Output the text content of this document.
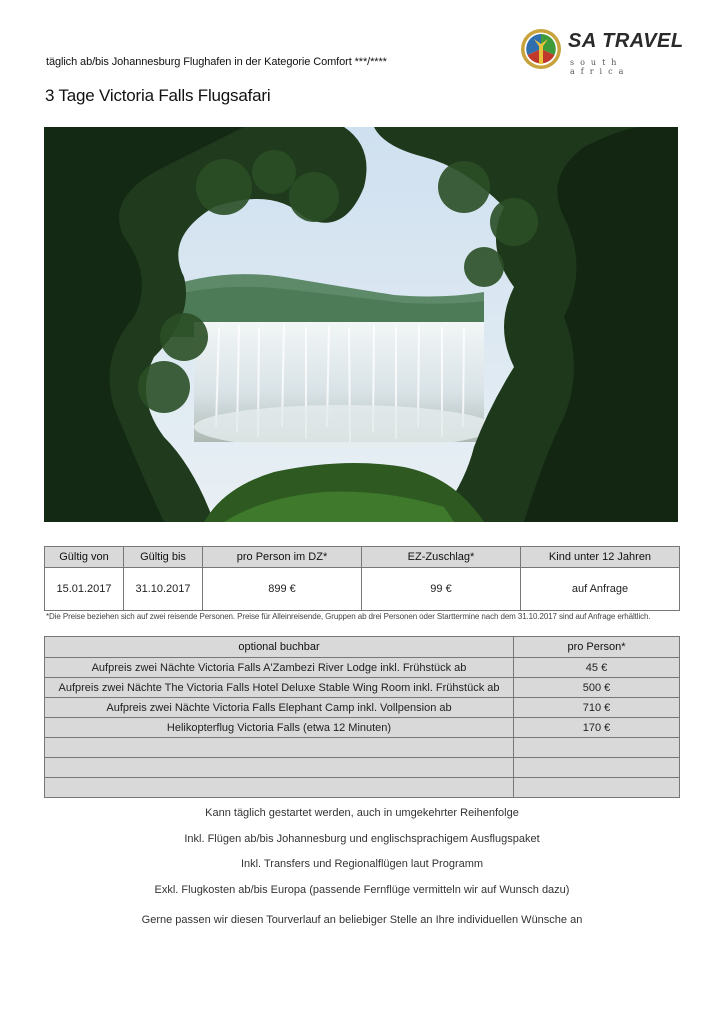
täglich ab/bis Johannesburg Flughafen in der Kategorie Comfort ***/****
3 Tage Victoria Falls Flugsafari
SA TRAVEL
south africa
Gültig von	Gültig bis	pro Person im DZ*	EZ-Zuschlag*	Kind unter 12 Jahren
15.01.2017	31.10.2017	899 €	99 €	auf Anfrage
*Die Preise beziehen sich auf zwei reisende Personen. Preise für Alleinreisende, Gruppen ab drei Personen oder Starttermine nach dem 31.10.2017 sind auf Anfrage erhältlich.
optional buchbar	pro Person*
Aufpreis zwei Nächte Victoria Falls A'Zambezi River Lodge inkl. Frühstück ab	45 €
Aufpreis zwei Nächte The Victoria Falls Hotel Deluxe Stable Wing Room inkl. Frühstück ab	500 €
Aufpreis zwei Nächte Victoria Falls Elephant Camp inkl. Vollpension ab	710 €
Helikopterflug Victoria Falls (etwa 12 Minuten)	170 €

Kann täglich gestartet werden, auch in umgekehrter Reihenfolge

Inkl. Flügen ab/bis Johannesburg und englischsprachigem Ausflugspaket

Inkl. Transfers und Regionalflügen laut Programm

Exkl. Flugkosten ab/bis Europa (passende Fernflüge vermitteln wir auf Wunsch dazu)

Gerne passen wir diesen Tourverlauf an beliebiger Stelle an Ihre individuellen Wünsche an
